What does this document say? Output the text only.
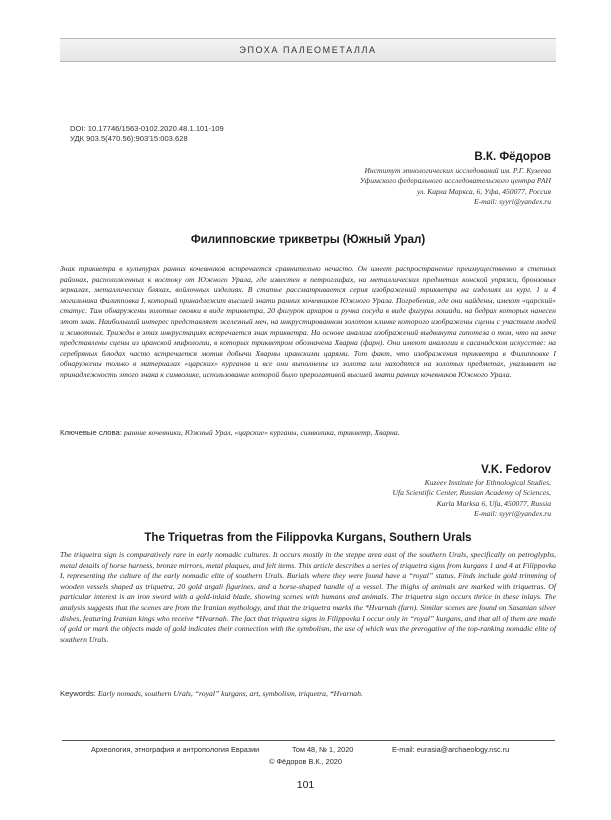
ЭПОХА ПАЛЕОМЕТАЛЛА
DOI: 10.17746/1563-0102.2020.48.1.101-109
УДК 903.5(470.56):903'15:003.628
В.К. Фёдоров
Институт этнологических исследований им. Р.Г. Кузеева
Уфимского федерального исследовательского центра РАН
ул. Карла Маркса, 6, Уфа, 450077, Россия
E-mail: syyri@yandex.ru
Филипповские трикветры (Южный Урал)

Знак трикветра в культурах ранних кочевников встречается сравнительно нечасто. Он имеет распространение преимущественно в степных районах, расположенных к востоку от Южного Урала, где известен в петроглифах, на металлических предметах конской упряжи, бронзовых зеркалах, металлических бляхах, войлочных изделиях. В статье рассматривается серия изображений трикветра на изделиях из кург. 1 и 4 могильника Филипповка I, который принадлежит высшей знати ранних кочевников Южного Урала. Погребения, где они найдены, имеют «царский» статус. Там обнаружены золотые оковки в виде трикветра, 20 фигурок архаров и ручка сосуда в виде фигуры лошади, на бедрах которых нанесен этот знак. Наибольший интерес представляет железный меч, на инкрустированном золотом клинке которого изображены сцены с участием людей и животных. Трижды в этих инкрустациях встречается знак трикветра. На основе анализа изображений выдвинута гипотеза о том, что на мече представлены сцены из иранской мифологии, в которых трикветром обозначена Хварна (фарн). Они имеют аналогии в сасанидском искусстве: на серебряных блюдах часто встречается мотив добычи Хварны иранскими царями. Тот факт, что изображения трикветра в Филипповке I обнаружены только в материалах «царских» курганов и все они выполнены из золота или находятся на золотых предметах, указывает на принадлежность этого знака к символике, использование которой было прерогативой высшей знати ранних кочевников Южного Урала.

Ключевые слова: ранние кочевники, Южный Урал, «царские» курганы, символика, трикветр, Хварна.
V.K. Fedorov
Kuzeev Institute for Ethnological Studies,
Ufa Scientific Center, Russian Academy of Sciences,
Karla Marksa 6, Ufa, 450077, Russia
E-mail: syyri@yandex.ru
The Triquetras from the Filippovka Kurgans, Southern Urals

The triquetra sign is comparatively rare in early nomadic cultures. It occurs mostly in the steppe area east of the southern Urals, specifically on petroglyphs, metal details of horse harness, bronze mirrors, metal plaques, and felt items. This article describes a series of triquetra signs from kurgans 1 and 4 at Filippovka I, representing the culture of the early nomadic elite of southern Urals. Burials where they were found have a “royal” status. Finds include gold trimming of wooden vessels shaped as triquetra, 20 gold argali figurines, and a horse-shaped handle of a vessel. The thighs of animals are marked with triquetras. Of particular interest is an iron sword with a gold-inlaid blade, showing scenes with humans and animals. The triquetra sign occurs thrice in these inlays. The analysis suggests that the scenes are from the Iranian mythology, and that the triquetra marks the *Hvarnah (farn). Similar scenes are found on Sasanian silver dishes, featuring Iranian kings who receive *Hvarnah. The fact that triquetra signs in Filippovka I occur only in “royal” kurgans, and that all of them are made of gold or mark the objects made of gold indicates their connection with the symbolism, the use of which was the prerogative of the top-ranking nomadic elite of southern Urals.

Keywords: Early nomads, southern Urals, “royal” kurgans, art, symbolism, triquetra, *Hvarnah.
Археология, этнография и антропология Евразии	Том 48, № 1, 2020	E-mail: eurasia@archaeology.nsc.ru
© Фёдоров В.К., 2020
101
